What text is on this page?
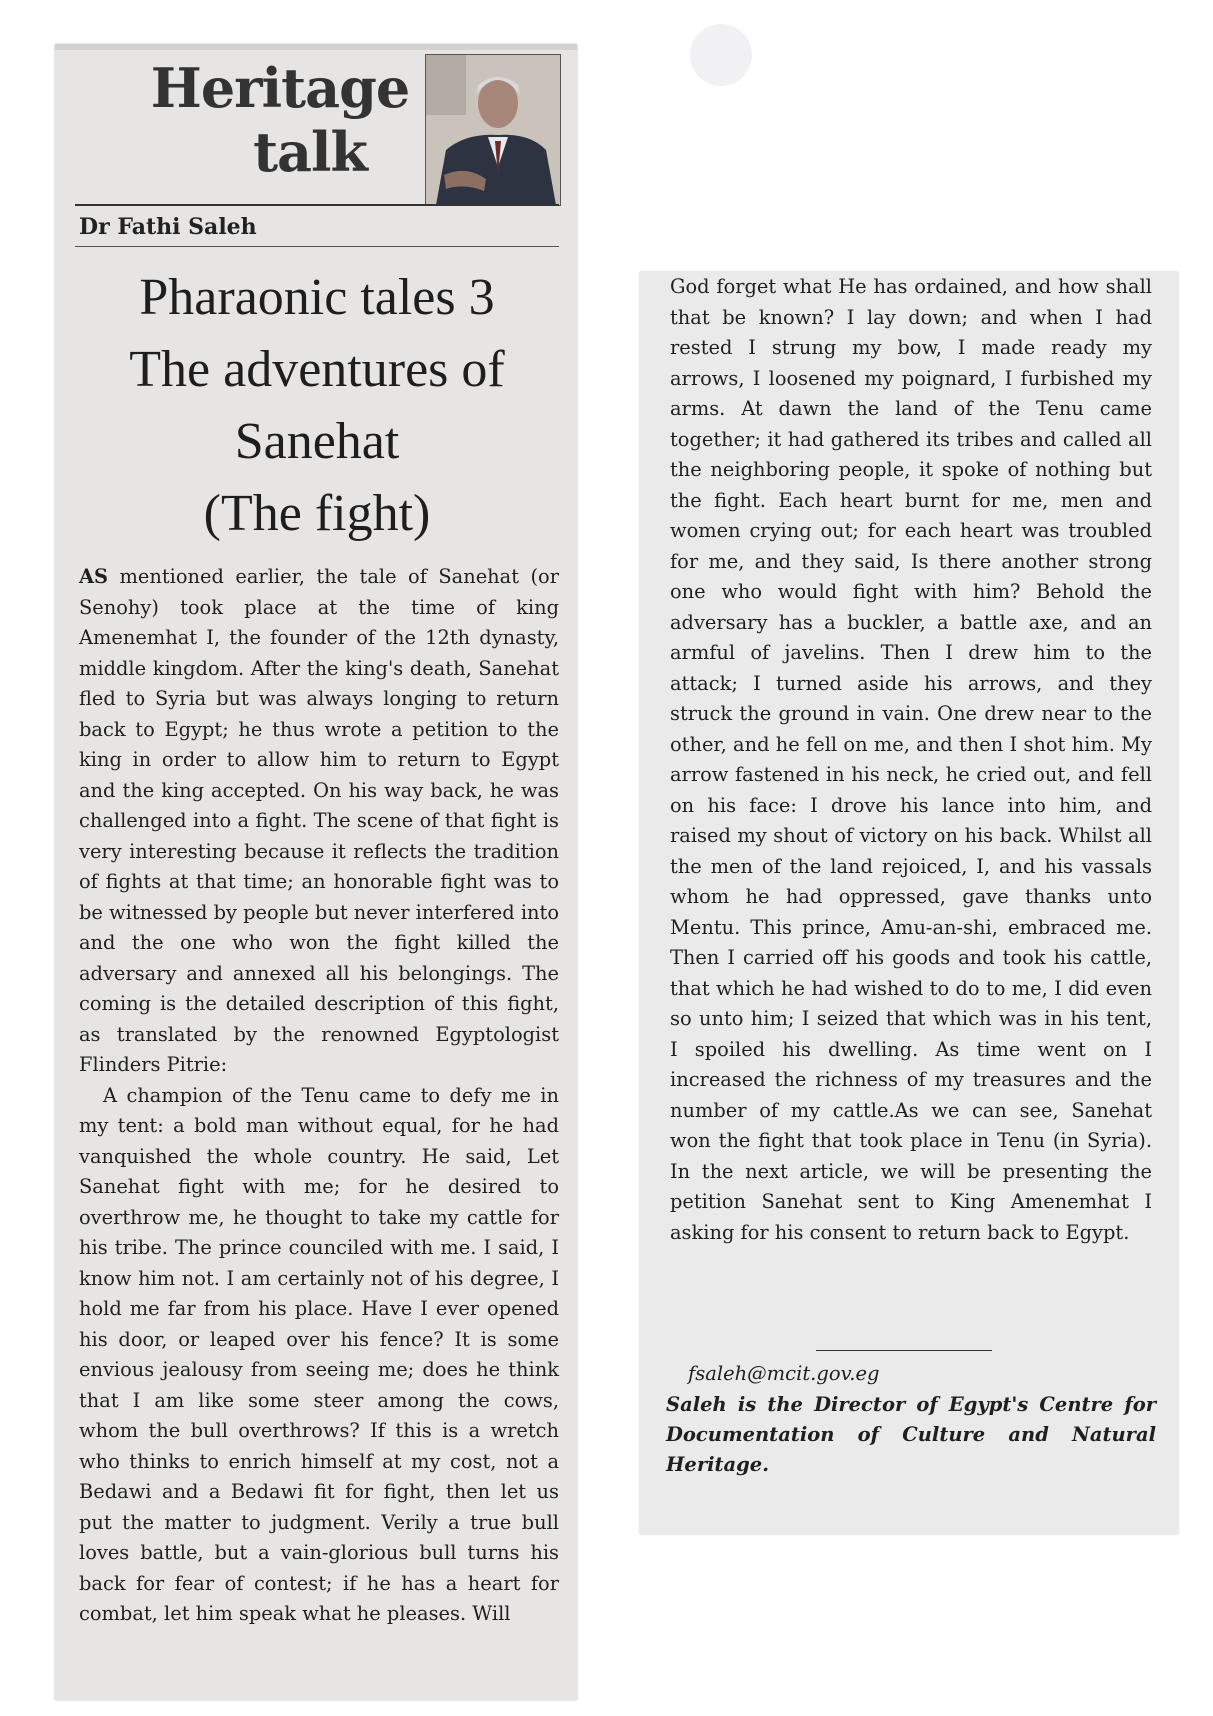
Heritage
talk
Dr Fathi Saleh
Pharaonic tales 3
The adventures of
Sanehat
(The fight)

AS mentioned earlier, the tale of Sanehat (or Senohy) took place at the time of king Amenemhat I, the founder of the 12th dynasty, middle kingdom. After the king's death, Sanehat fled to Syria but was always longing to return back to Egypt; he thus wrote a petition to the king in order to allow him to return to Egypt and the king accepted. On his way back, he was challenged into a fight. The scene of that fight is very interesting because it reflects the tradition of fights at that time; an honorable fight was to be witnessed by people but never interfered into and the one who won the fight killed the adversary and annexed all his belongings. The coming is the detailed description of this fight, as translated by the renowned Egyptologist Flinders Pitrie:

A champion of the Tenu came to defy me in my tent: a bold man without equal, for he had vanquished the whole country. He said, Let Sanehat fight with me; for he desired to overthrow me, he thought to take my cattle for his tribe. The prince counciled with me. I said, I know him not. I am certainly not of his degree, I hold me far from his place. Have I ever opened his door, or leaped over his fence? It is some envious jealousy from seeing me; does he think that I am like some steer among the cows, whom the bull overthrows? If this is a wretch who thinks to enrich himself at my cost, not a Bedawi and a Bedawi fit for fight, then let us put the matter to judgment. Verily a true bull loves battle, but a vain-glorious bull turns his back for fear of contest; if he has a heart for combat, let him speak what he pleases. Will

God forget what He has ordained, and how shall that be known? I lay down; and when I had rested I strung my bow, I made ready my arrows, I loosened my poignard, I furbished my arms. At dawn the land of the Tenu came together; it had gathered its tribes and called all the neighboring people, it spoke of nothing but the fight. Each heart burnt for me, men and women crying out; for each heart was troubled for me, and they said, Is there another strong one who would fight with him? Behold the adversary has a buckler, a battle axe, and an armful of javelins. Then I drew him to the attack; I turned aside his arrows, and they struck the ground in vain. One drew near to the other, and he fell on me, and then I shot him. My arrow fastened in his neck, he cried out, and fell on his face: I drove his lance into him, and raised my shout of victory on his back. Whilst all the men of the land rejoiced, I, and his vassals whom he had oppressed, gave thanks unto Mentu. This prince, Amu-an-shi, embraced me. Then I carried off his goods and took his cattle, that which he had wished to do to me, I did even so unto him; I seized that which was in his tent, I spoiled his dwelling. As time went on I increased the richness of my treasures and the number of my cattle.As we can see, Sanehat won the fight that took place in Tenu (in Syria). In the next article, we will be presenting the petition Sanehat sent to King Amenemhat I asking for his consent to return back to Egypt.

fsaleh@mcit.gov.eg
Saleh is the Director of Egypt's Centre for Documentation of Culture and Natural Heritage.
